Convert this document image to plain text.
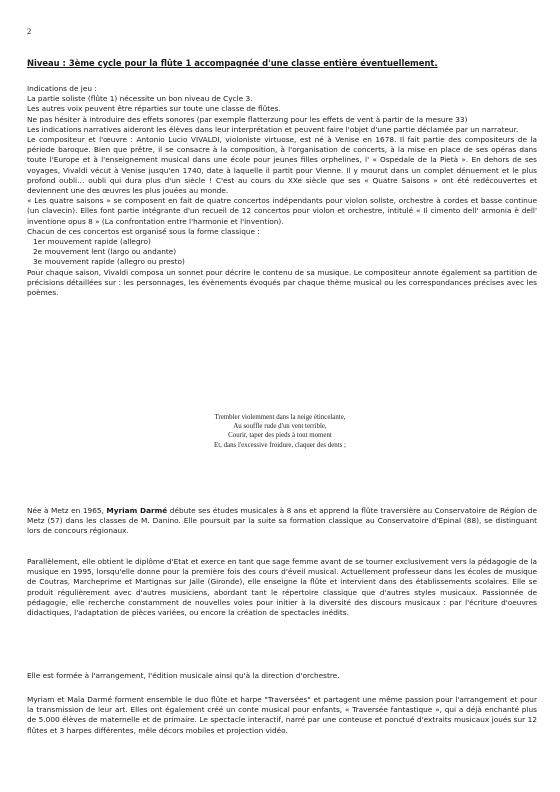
2
Niveau : 3ème cycle pour la flûte 1 accompagnée d'une classe entière éventuellement.

Indications de jeu :

La partie soliste (flûte 1) nécessite un bon niveau de Cycle 3.

Les autres voix peuvent être réparties sur toute une classe de flûtes.

Ne pas hésiter à introduire des effets sonores (par exemple flatterzung pour les effets de vent à partir de la mesure 33)

Les indications narratives aideront les élèves dans leur interprétation et peuvent faire l'objet d'une partie déclamée par un narrateur.

Le compositeur et l'œuvre : Antonio Lucio VIVALDI, violoniste virtuose, est né à Venise en 1678. Il fait partie des compositeurs de la période baroque. Bien que prêtre, il se consacre à la composition, à l'organisation de concerts, à la mise en place de ses opéras dans toute l'Europe et à l'enseignement musical dans une école pour jeunes filles orphelines, l' « Ospedale de la Pietà ». En dehors de ses voyages, Vivaldi vécut à Venise jusqu'en 1740, date à laquelle il partit pour Vienne. Il y mourut dans un complet dénuement et le plus profond oubli… oubli qui dura plus d'un siècle ! C'est au cours du XXe siècle que ses « Quatre Saisons » ont été redécouvertes et deviennent une des œuvres les plus jouées au monde.

« Les quatre saisons » se composent en fait de quatre concertos indépendants pour violon soliste, orchestre à cordes et basse continue (un clavecin). Elles font partie intégrante d'un recueil de 12 concertos pour violon et orchestre, intitulé « Il cimento dell' armonia è dell' inventione opus 8 » (La confrontation entre l'harmonie et l'invention).

Chacun de ces concertos est organisé sous la forme classique :

1er mouvement rapide (allegro)

2e mouvement lent (largo ou andante)

3e mouvement rapide (allegro ou presto)

Pour chaque saison, Vivaldi composa un sonnet pour décrire le contenu de sa musique. Le compositeur annote également sa partition de précisions détaillées sur : les personnages, les évènements évoqués par chaque thème musical ou les correspondances précises avec les poèmes.

Trembler violemment dans la neige étincelante,
Au souffle rude d'un vent terrible,
Courir, taper des pieds à tout moment
Et, dans l'excessive froidure, claquer des dents ;

Née à Metz en 1965, Myriam Darmé débute ses études musicales à 8 ans et apprend la flûte traversière au Conservatoire de Région de Metz (57) dans les classes de M. Danino. Elle poursuit par la suite sa formation classique au Conservatoire d'Epinal (88), se distinguant lors de concours régionaux.

Parallèlement, elle obtient le diplôme d'Etat et exerce en tant que sage femme avant de se tourner exclusivement vers la pédagogie de la musique en 1995, lorsqu'elle donne pour la première fois des cours d'éveil musical. Actuellement professeur dans les écoles de musique de Coutras, Marcheprime et Martignas sur Jalle (Gironde), elle enseigne la flûte et intervient dans des établissements scolaires. Elle se produit régulièrement avec d'autres musiciens, abordant tant le répertoire classique que d'autres styles musicaux. Passionnée de pédagogie, elle recherche constamment de nouvelles voies pour initier à la diversité des discours musicaux : par l'écriture d'oeuvres didactiques, l'adaptation de pièces variées, ou encore la création de spectacles inédits.

Elle est formée à l'arrangement, l'édition musicale ainsi qu'à la direction d'orchestre.

Myriam et Maïa Darmé forment ensemble le duo flûte et harpe "Traversées" et partagent une même passion pour l'arrangement et pour la transmission de leur art. Elles ont également créé un conte musical pour enfants, « Traversée fantastique », qui a déjà enchanté plus de 5.000 élèves de maternelle et de primaire. Le spectacle interactif, narré par une conteuse et ponctué d'extraits musicaux joués sur 12 flûtes et 3 harpes différentes, mêle décors mobiles et projection vidéo.
